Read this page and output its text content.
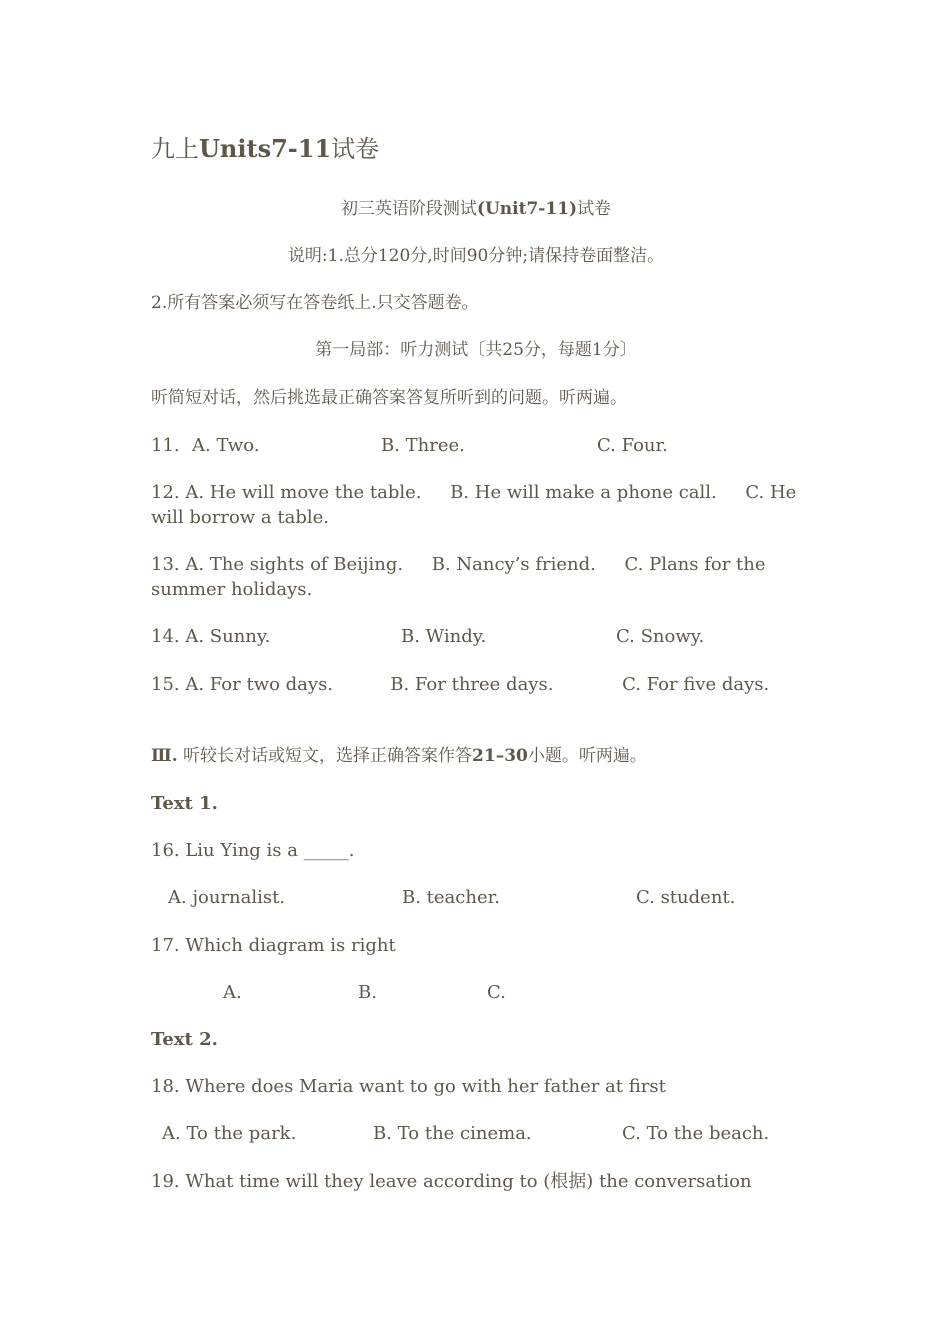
九上Units7-11试卷
初三英语阶段测试(Unit7-11)试卷
说明:1.总分120分,时间90分钟;请保持卷面整洁。
2.所有答案必须写在答卷纸上.只交答题卷。
第一局部：听力测试〔共25分，每题1分〕
听简短对话，然后挑选最正确答案答复所听到的问题。听两遍。
11. A. Two.	B. Three.	C. Four.
12. A. He will move the table.     B. He will make a phone call.     C. He will borrow a table.
13. A. The sights of Beijing.     B. Nancy’s friend.     C. Plans for the summer holidays.
14. A. Sunny.	B. Windy.	C. Snowy.
15. A. For two days.          B. For three days.            C. For five days.
Ⅲ. 听较长对话或短文，选择正确答案作答21–30小题。听两遍。
Text 1.
16. Liu Ying is a _____.
A. journalist.	B. teacher.	C. student.
17. Which diagram is right
A.	B.	C.
Text 2.
18. Where does Maria want to go with her father at first
A. To the park.	B. To the cinema.	C. To the beach.
19. What time will they leave according to (根据) the conversation
